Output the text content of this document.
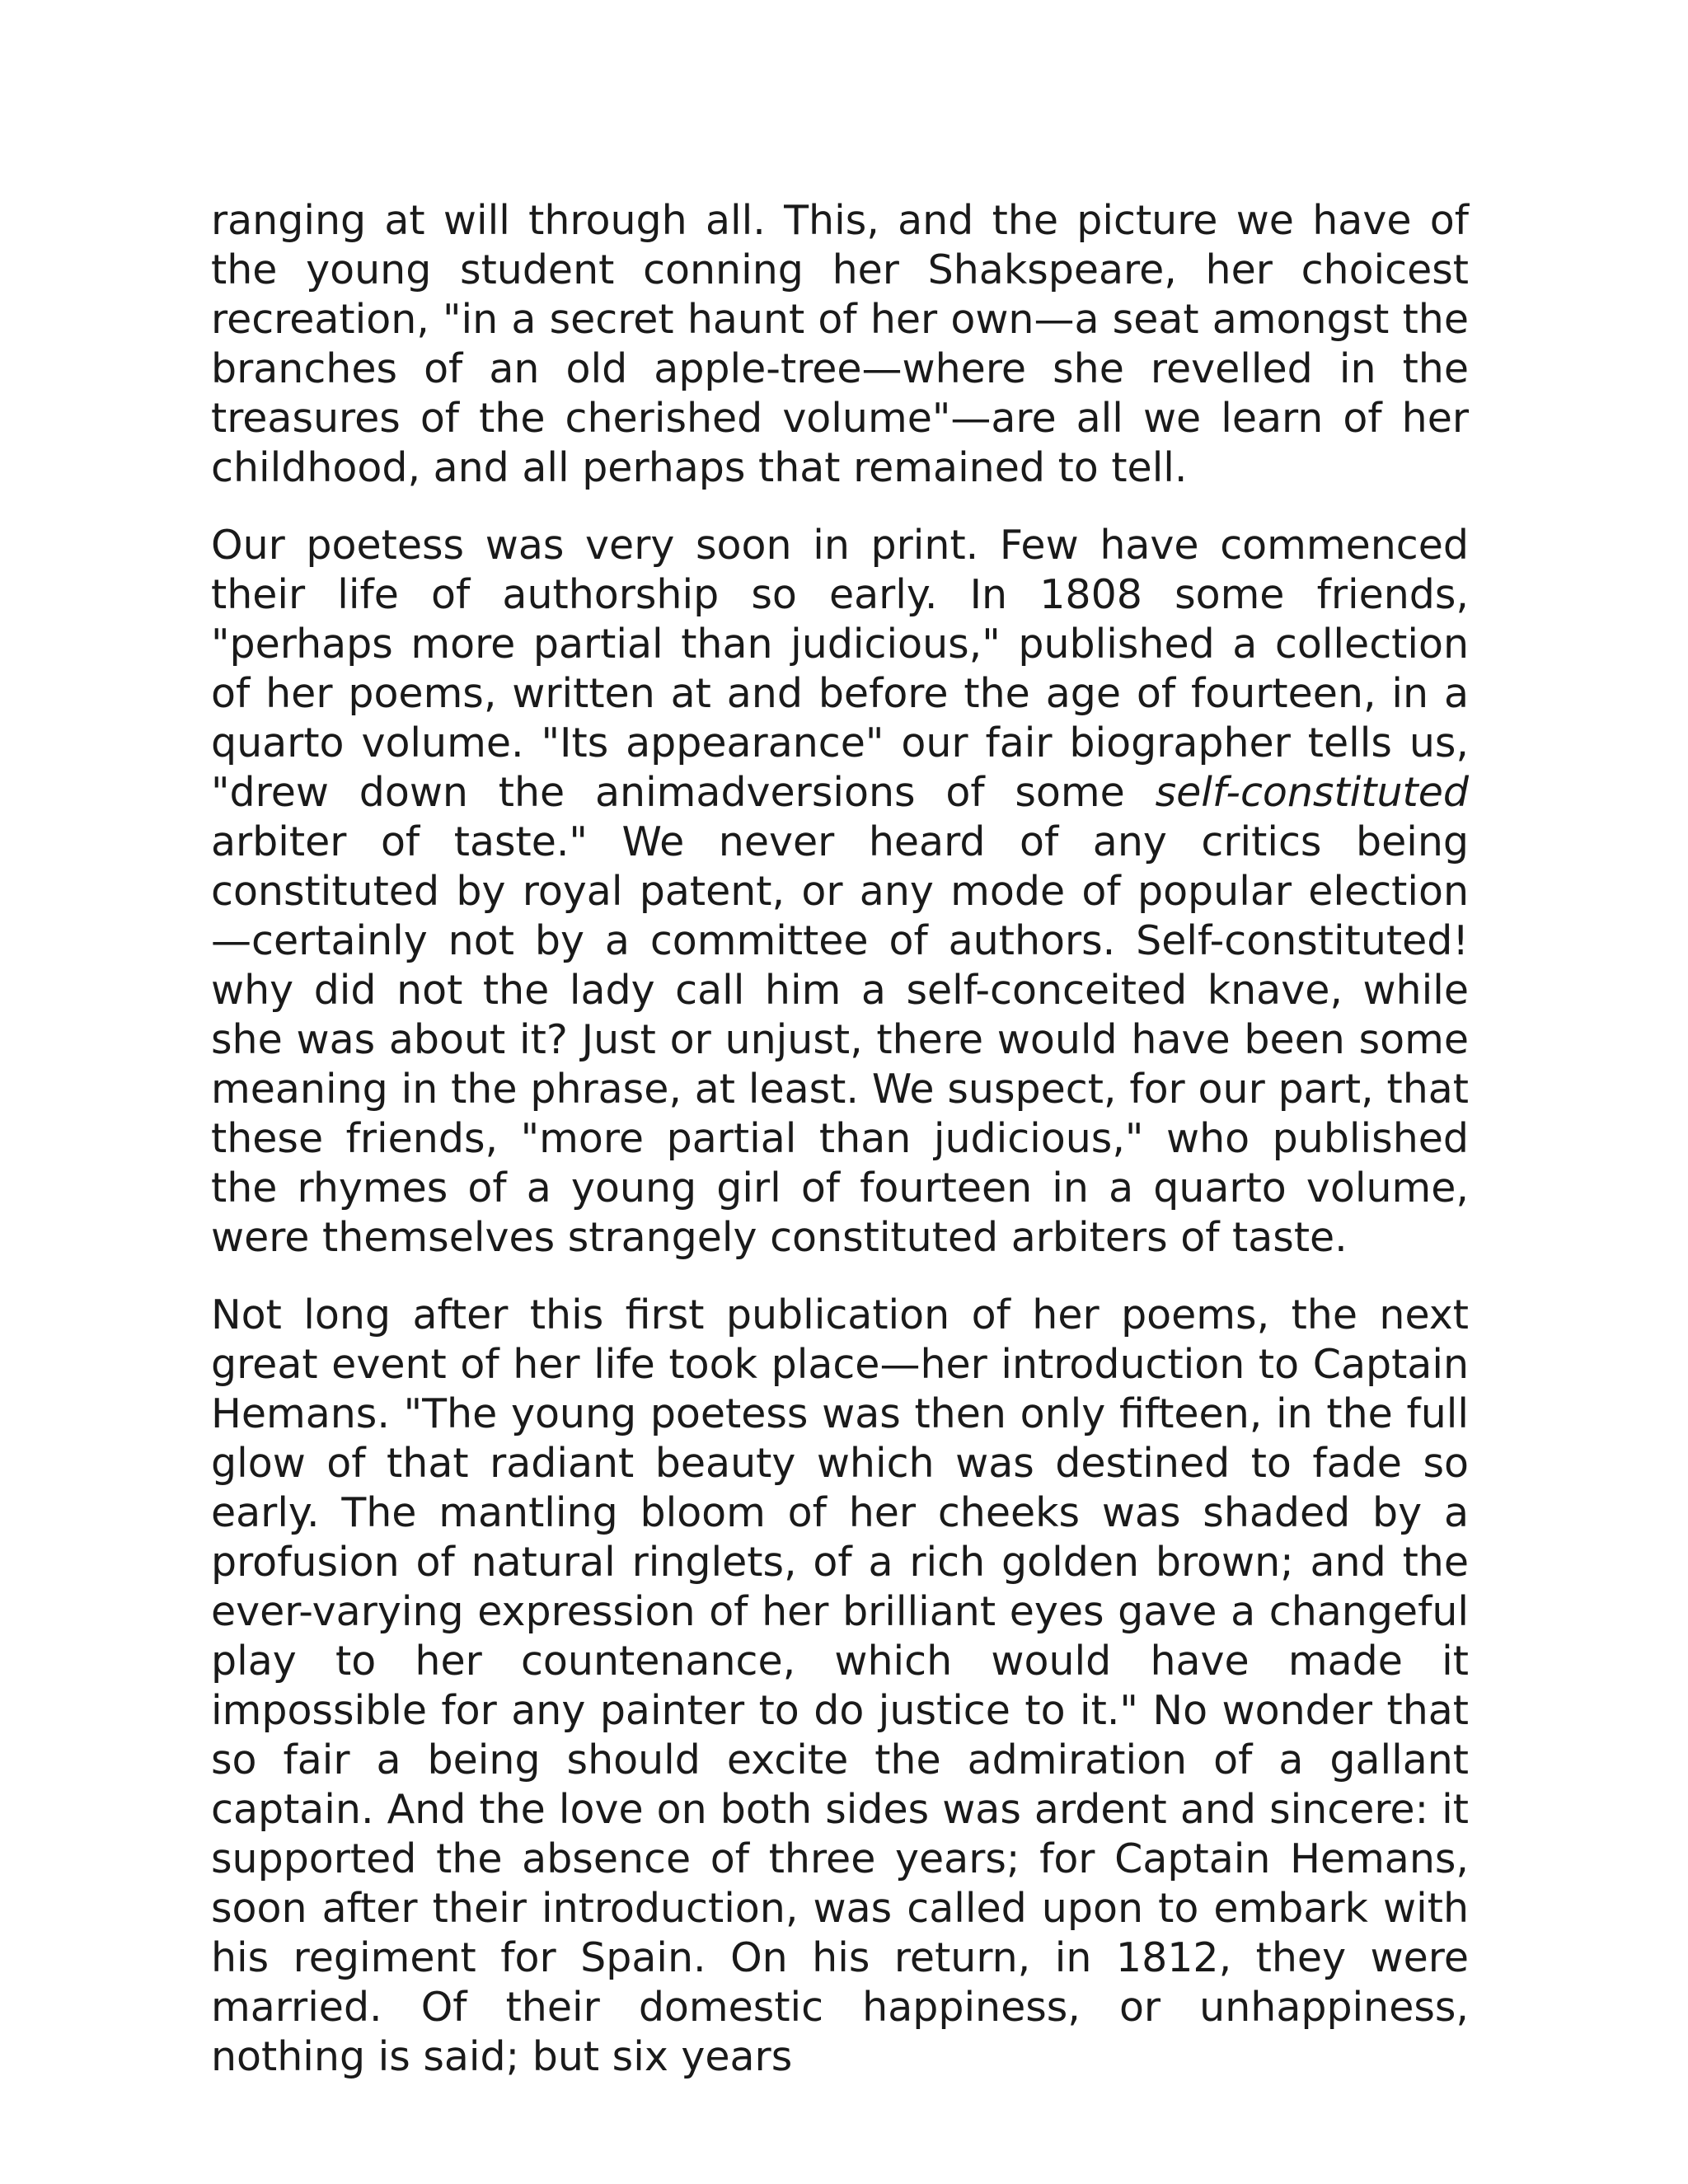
ranging at will through all. This, and the picture we have of the young student conning her Shakspeare, her choicest recreation, "in a secret haunt of her own—a seat amongst the branches of an old apple-tree—where she revelled in the treasures of the cherished volume"—are all we learn of her childhood, and all perhaps that remained to tell.

Our poetess was very soon in print. Few have commenced their life of authorship so early. In 1808 some friends, "perhaps more partial than judicious," published a collection of her poems, written at and before the age of fourteen, in a quarto volume. "Its appearance" our fair biographer tells us, "drew down the animadversions of some self-constituted arbiter of taste." We never heard of any critics being constituted by royal patent, or any mode of popular election—certainly not by a committee of authors. Self-constituted! why did not the lady call him a self-conceited knave, while she was about it? Just or unjust, there would have been some meaning in the phrase, at least. We suspect, for our part, that these friends, "more partial than judicious," who published the rhymes of a young girl of fourteen in a quarto volume, were themselves strangely constituted arbiters of taste.

Not long after this first publication of her poems, the next great event of her life took place—her introduction to Captain Hemans. "The young poetess was then only fifteen, in the full glow of that radiant beauty which was destined to fade so early. The mantling bloom of her cheeks was shaded by a profusion of natural ringlets, of a rich golden brown; and the ever-varying expression of her brilliant eyes gave a changeful play to her countenance, which would have made it impossible for any painter to do justice to it." No wonder that so fair a being should excite the admiration of a gallant captain. And the love on both sides was ardent and sincere: it supported the absence of three years; for Captain Hemans, soon after their introduction, was called upon to embark with his regiment for Spain. On his return, in 1812, they were married. Of their domestic happiness, or unhappiness, nothing is said; but six years
